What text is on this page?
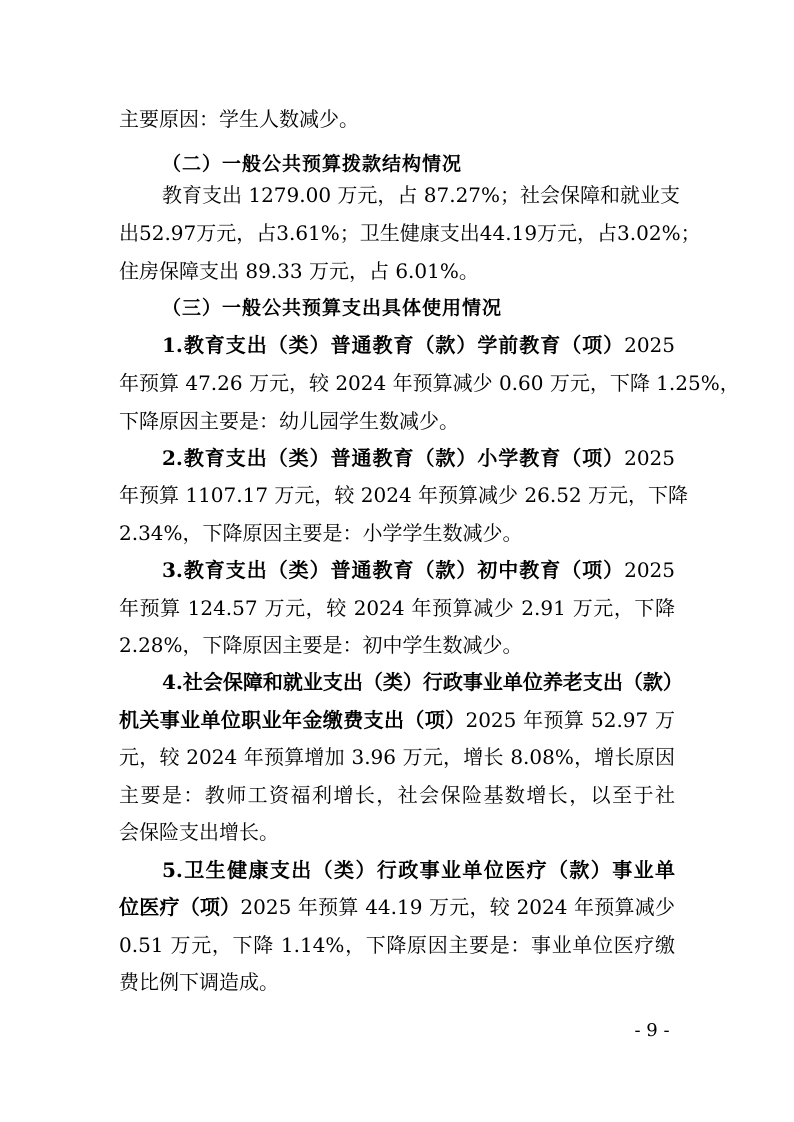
主要原因：学生人数减少。
（二）一般公共预算拨款结构情况
教育支出 1279.00 万元，占 87.27%；社会保障和就业支
出52.97万元，占3.61%；卫生健康支出44.19万元，占3.02%；
住房保障支出 89.33 万元，占 6.01%。
（三）一般公共预算支出具体使用情况
1.教育支出（类）普通教育（款）学前教育（项）2025
年预算 47.26 万元，较 2024 年预算减少 0.60 万元，下降 1.25%，
下降原因主要是：幼儿园学生数减少。
2.教育支出（类）普通教育（款）小学教育（项）2025
年预算 1107.17 万元，较 2024 年预算减少 26.52 万元，下降
2.34%，下降原因主要是：小学学生数减少。
3.教育支出（类）普通教育（款）初中教育（项）2025
年预算 124.57 万元，较 2024 年预算减少 2.91 万元，下降
2.28%，下降原因主要是：初中学生数减少。
4.社会保障和就业支出（类）行政事业单位养老支出（款）
机关事业单位职业年金缴费支出（项）2025 年预算 52.97 万
元，较 2024 年预算增加 3.96 万元，增长 8.08%，增长原因
主要是：教师工资福利增长，社会保险基数增长，以至于社
会保险支出增长。
5.卫生健康支出（类）行政事业单位医疗（款）事业单
位医疗（项）2025 年预算 44.19 万元，较 2024 年预算减少
0.51 万元，下降 1.14%，下降原因主要是：事业单位医疗缴
费比例下调造成。
- 9 -
